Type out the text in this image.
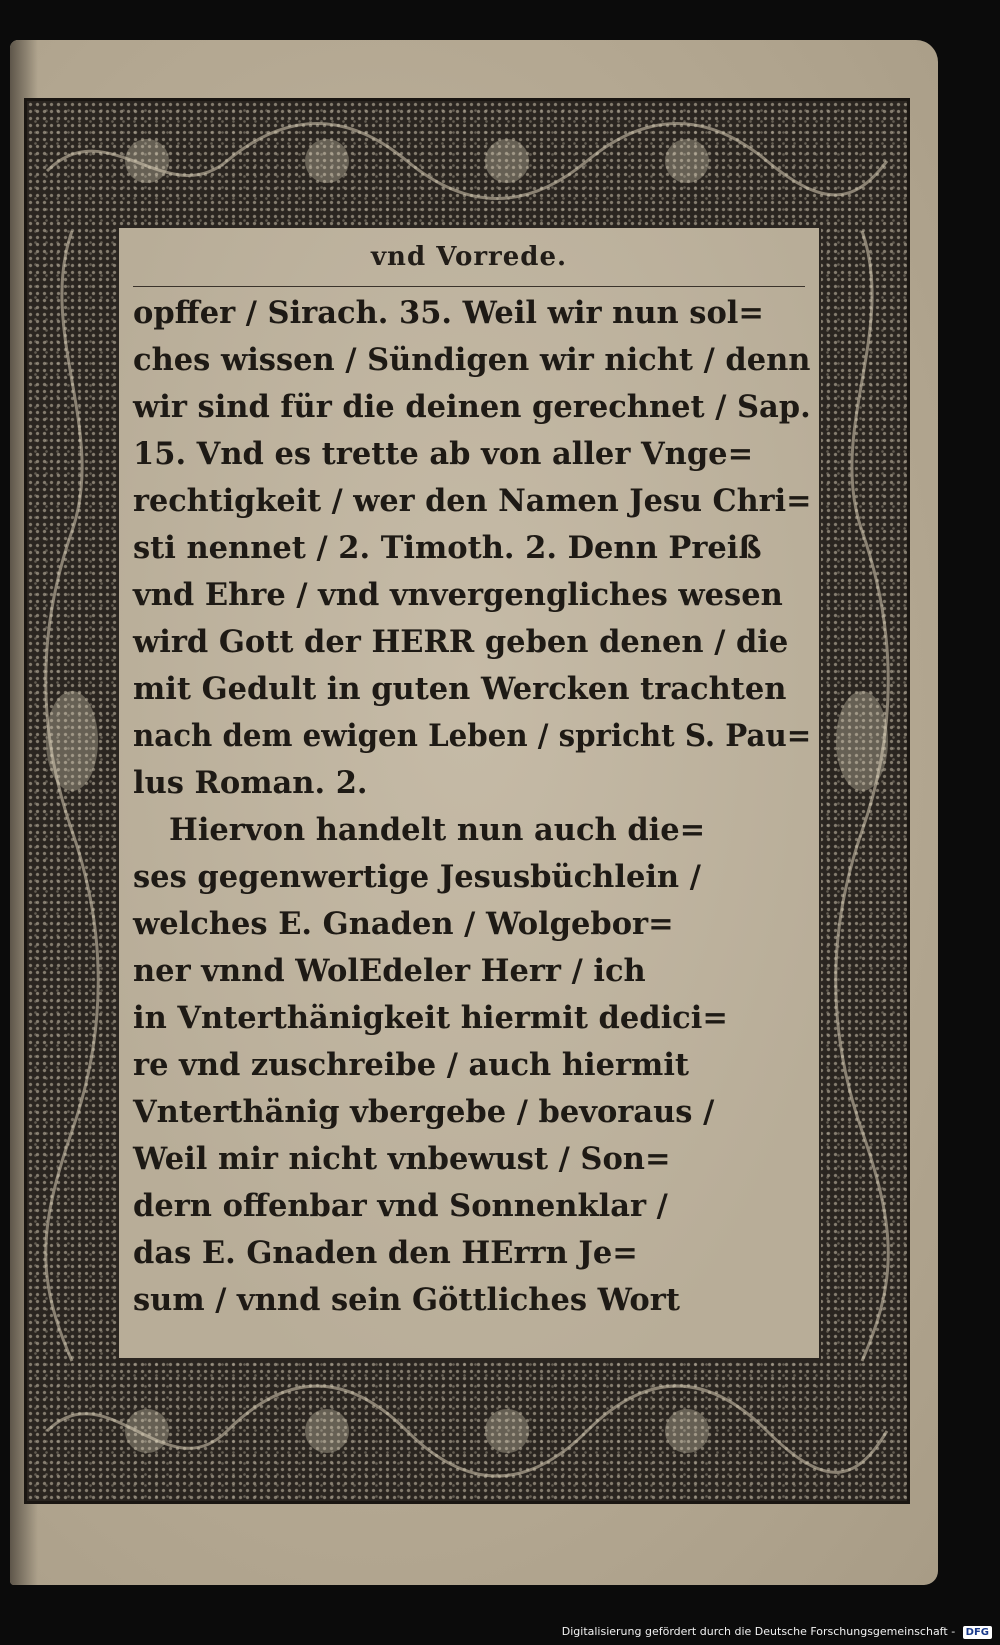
vnd Vorrede.
opffer / Sirach. 35. Weil wir nun sol=
ches wissen / Sündigen wir nicht / denn
wir sind für die deinen gerechnet / Sap.
15. Vnd es trette ab von aller Vnge=
rechtigkeit / wer den Namen Jesu Chri=
sti nennet / 2. Timoth. 2. Denn Preiß
vnd Ehre / vnd vnvergengliches wesen
wird Gott der HERR geben denen / die
mit Gedult in guten Wercken trachten
nach dem ewigen Leben / spricht S. Pau=
lus Roman. 2.
Hiervon handelt nun auch die=
ses gegenwertige Jesusbüchlein /
welches E. Gnaden / Wolgebor=
ner vnnd WolEdeler Herr / ich
in Vnterthänigkeit hiermit dedici=
re vnd zuschreibe / auch hiermit
Vnterthänig vbergebe / bevoraus /
Weil mir nicht vnbewust / Son=
dern offenbar vnd Sonnenklar /
das E. Gnaden den HErrn Je=
sum / vnnd sein Göttliches Wort
Digitalisierung gefördert durch die Deutsche Forschungsgemeinschaft - DFG
